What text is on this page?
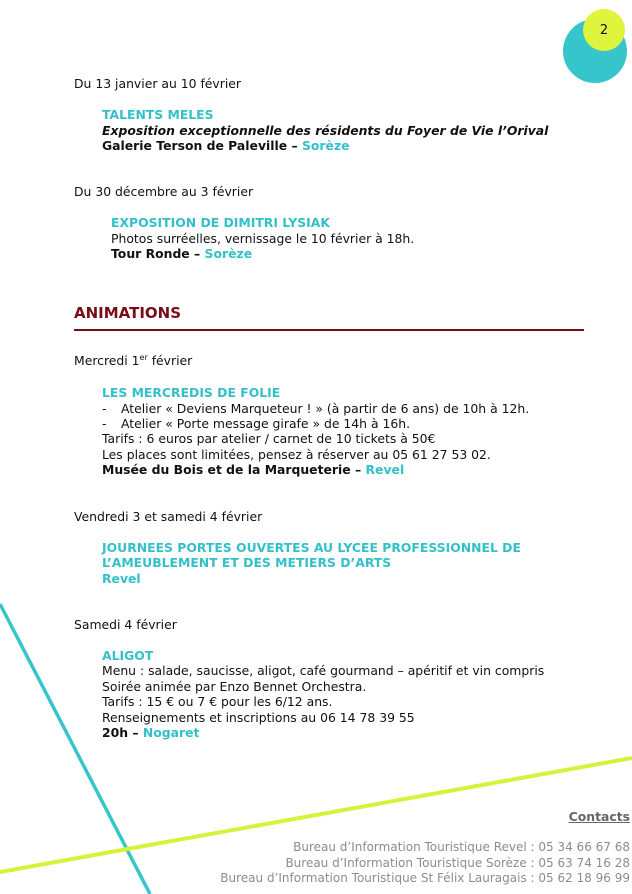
2
Du 13 janvier au 10 février
TALENTS MELES
Exposition exceptionnelle des résidents du Foyer de Vie l’Orival
Galerie Terson de Paleville – Sorèze
Du 30 décembre au 3 février
EXPOSITION DE DIMITRI LYSIAK
Photos surréelles, vernissage le 10 février à 18h.
Tour Ronde – Sorèze
ANIMATIONS
Mercredi 1er février
LES MERCREDIS DE FOLIE
- Atelier « Deviens Marqueteur ! » (à partir de 6 ans) de 10h à 12h.
- Atelier « Porte message girafe » de 14h à 16h.
Tarifs : 6 euros par atelier / carnet de 10 tickets à 50€
Les places sont limitées, pensez à réserver au 05 61 27 53 02.
Musée du Bois et de la Marqueterie – Revel
Vendredi 3 et samedi 4 février
JOURNEES PORTES OUVERTES AU LYCEE PROFESSIONNEL DE
L’AMEUBLEMENT ET DES METIERS D’ARTS
Revel
Samedi 4 février
ALIGOT
Menu : salade, saucisse, aligot, café gourmand – apéritif et vin compris
Soirée animée par Enzo Bennet Orchestra.
Tarifs : 15 € ou 7 € pour les 6/12 ans.
Renseignements et inscriptions au 06 14 78 39 55
20h – Nogaret
Contacts
Bureau d’Information Touristique Revel : 05 34 66 67 68
Bureau d’Information Touristique Sorèze : 05 63 74 16 28
Bureau d’Information Touristique St Félix Lauragais : 05 62 18 96 99
